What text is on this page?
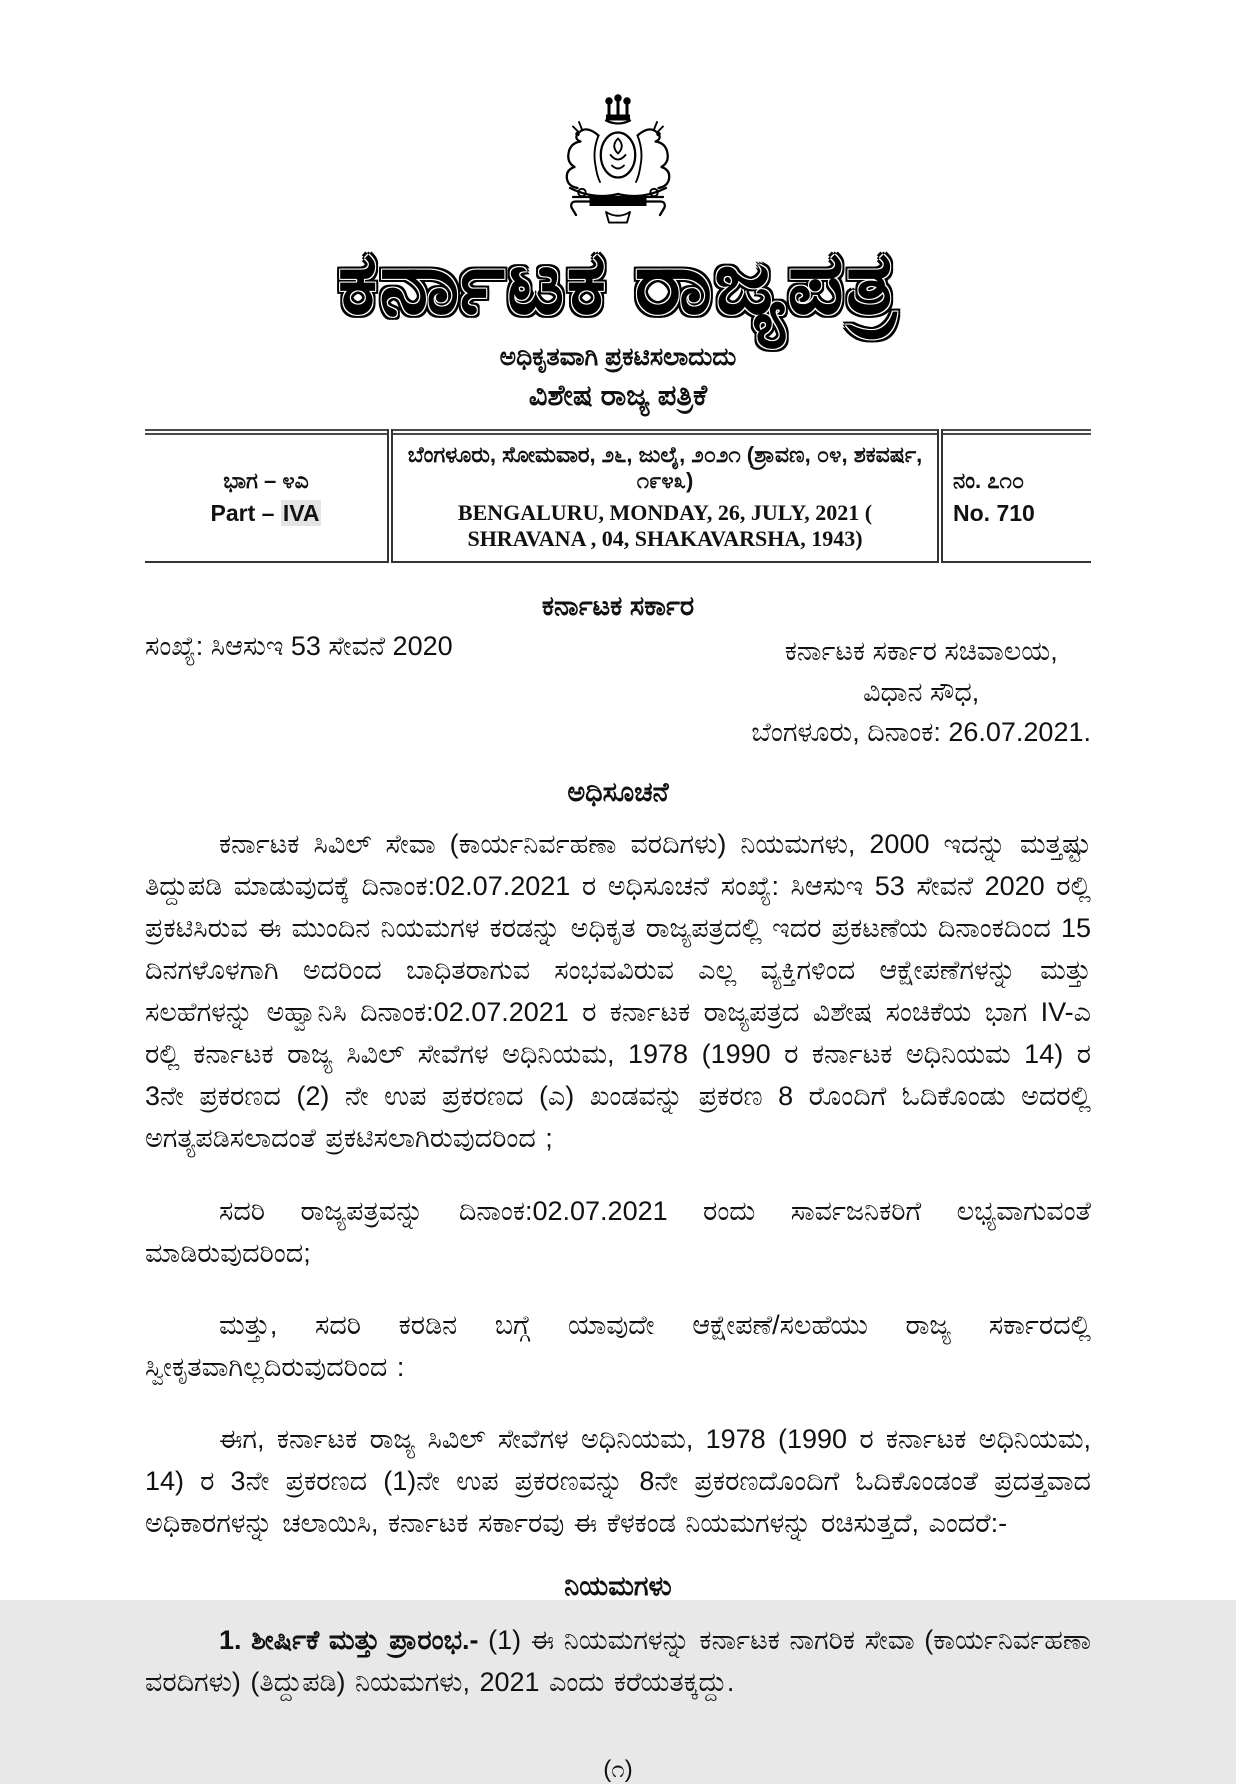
ಕರ್ನಾಟಕ ರಾಜ್ಯಪತ್ರ
ಅಧಿಕೃತವಾಗಿ ಪ್ರಕಟಿಸಲಾದುದು
ವಿಶೇಷ ರಾಜ್ಯ ಪತ್ರಿಕೆ
ಭಾಗ – ೪ಎ
Part – IVA

ಬೆಂಗಳೂರು, ಸೋಮವಾರ, ೨೬, ಜುಲೈ, ೨೦೨೧ (ಶ್ರಾವಣ, ೦೪, ಶಕವರ್ಷ, ೧೯೪೩)
BENGALURU, MONDAY, 26, JULY, 2021 ( SHRAVANA , 04, SHAKAVARSHA, 1943)

ನಂ. ೭೧೦
No. 710
ಕರ್ನಾಟಕ ಸರ್ಕಾರ
ಸಂಖ್ಯೆ: ಸಿಆಸುಇ 53 ಸೇವನೆ 2020	ಕರ್ನಾಟಕ ಸರ್ಕಾರ ಸಚಿವಾಲಯ,
ವಿಧಾನ ಸೌಧ,
ಬೆಂಗಳೂರು, ದಿನಾಂಕ: 26.07.2021.
ಅಧಿಸೂಚನೆ

ಕರ್ನಾಟಕ ಸಿವಿಲ್ ಸೇವಾ (ಕಾರ್ಯನಿರ್ವಹಣಾ ವರದಿಗಳು) ನಿಯಮಗಳು, 2000 ಇದನ್ನು ಮತ್ತಷ್ಟು ತಿದ್ದುಪಡಿ ಮಾಡುವುದಕ್ಕೆ ದಿನಾಂಕ:02.07.2021 ರ ಅಧಿಸೂಚನೆ ಸಂಖ್ಯೆ: ಸಿಆಸುಇ 53 ಸೇವನೆ 2020 ರಲ್ಲಿ ಪ್ರಕಟಿಸಿರುವ ಈ ಮುಂದಿನ ನಿಯಮಗಳ ಕರಡನ್ನು ಅಧಿಕೃತ ರಾಜ್ಯಪತ್ರದಲ್ಲಿ ಇದರ ಪ್ರಕಟಣೆಯ ದಿನಾಂಕದಿಂದ 15 ದಿನಗಳೊಳಗಾಗಿ ಅದರಿಂದ ಬಾಧಿತರಾಗುವ ಸಂಭವವಿರುವ ಎಲ್ಲ ವ್ಯಕ್ತಿಗಳಿಂದ ಆಕ್ಷೇಪಣೆಗಳನ್ನು ಮತ್ತು ಸಲಹೆಗಳನ್ನು ಅಹ್ವಾನಿಸಿ ದಿನಾಂಕ:02.07.2021 ರ ಕರ್ನಾಟಕ ರಾಜ್ಯಪತ್ರದ ವಿಶೇಷ ಸಂಚಿಕೆಯ ಭಾಗ IV-ಎ ರಲ್ಲಿ ಕರ್ನಾಟಕ ರಾಜ್ಯ ಸಿವಿಲ್ ಸೇವೆಗಳ ಅಧಿನಿಯಮ, 1978 (1990 ರ ಕರ್ನಾಟಕ ಅಧಿನಿಯಮ 14) ರ 3ನೇ ಪ್ರಕರಣದ (2) ನೇ ಉಪ ಪ್ರಕರಣದ (ಎ) ಖಂಡವನ್ನು ಪ್ರಕರಣ 8 ರೊಂದಿಗೆ ಓದಿಕೊಂಡು ಅದರಲ್ಲಿ ಅಗತ್ಯಪಡಿಸಲಾದಂತೆ ಪ್ರಕಟಿಸಲಾಗಿರುವುದರಿಂದ ;

ಸದರಿ ರಾಜ್ಯಪತ್ರವನ್ನು ದಿನಾಂಕ:02.07.2021 ರಂದು ಸಾರ್ವಜನಿಕರಿಗೆ ಲಭ್ಯವಾಗುವಂತೆ ಮಾಡಿರುವುದರಿಂದ;

ಮತ್ತು, ಸದರಿ ಕರಡಿನ ಬಗ್ಗೆ ಯಾವುದೇ ಆಕ್ಷೇಪಣೆ/ಸಲಹೆಯು ರಾಜ್ಯ ಸರ್ಕಾರದಲ್ಲಿ ಸ್ವೀಕೃತವಾಗಿಲ್ಲದಿರುವುದರಿಂದ :

ಈಗ, ಕರ್ನಾಟಕ ರಾಜ್ಯ ಸಿವಿಲ್ ಸೇವೆಗಳ ಅಧಿನಿಯಮ, 1978 (1990 ರ ಕರ್ನಾಟಕ ಅಧಿನಿಯಮ, 14) ರ 3ನೇ ಪ್ರಕರಣದ (1)ನೇ ಉಪ ಪ್ರಕರಣವನ್ನು 8ನೇ ಪ್ರಕರಣದೊಂದಿಗೆ ಓದಿಕೊಂಡಂತೆ ಪ್ರದತ್ತವಾದ ಅಧಿಕಾರಗಳನ್ನು ಚಲಾಯಿಸಿ, ಕರ್ನಾಟಕ ಸರ್ಕಾರವು ಈ ಕೆಳಕಂಡ ನಿಯಮಗಳನ್ನು ರಚಿಸುತ್ತದೆ, ಎಂದರೆ:-

ನಿಯಮಗಳು

1. ಶೀರ್ಷಿಕೆ ಮತ್ತು ಪ್ರಾರಂಭ.- (1) ಈ ನಿಯಮಗಳನ್ನು ಕರ್ನಾಟಕ ನಾಗರಿಕ ಸೇವಾ (ಕಾರ್ಯನಿರ್ವಹಣಾ ವರದಿಗಳು) (ತಿದ್ದುಪಡಿ) ನಿಯಮಗಳು, 2021 ಎಂದು ಕರೆಯತಕ್ಕದ್ದು.

(೧)
